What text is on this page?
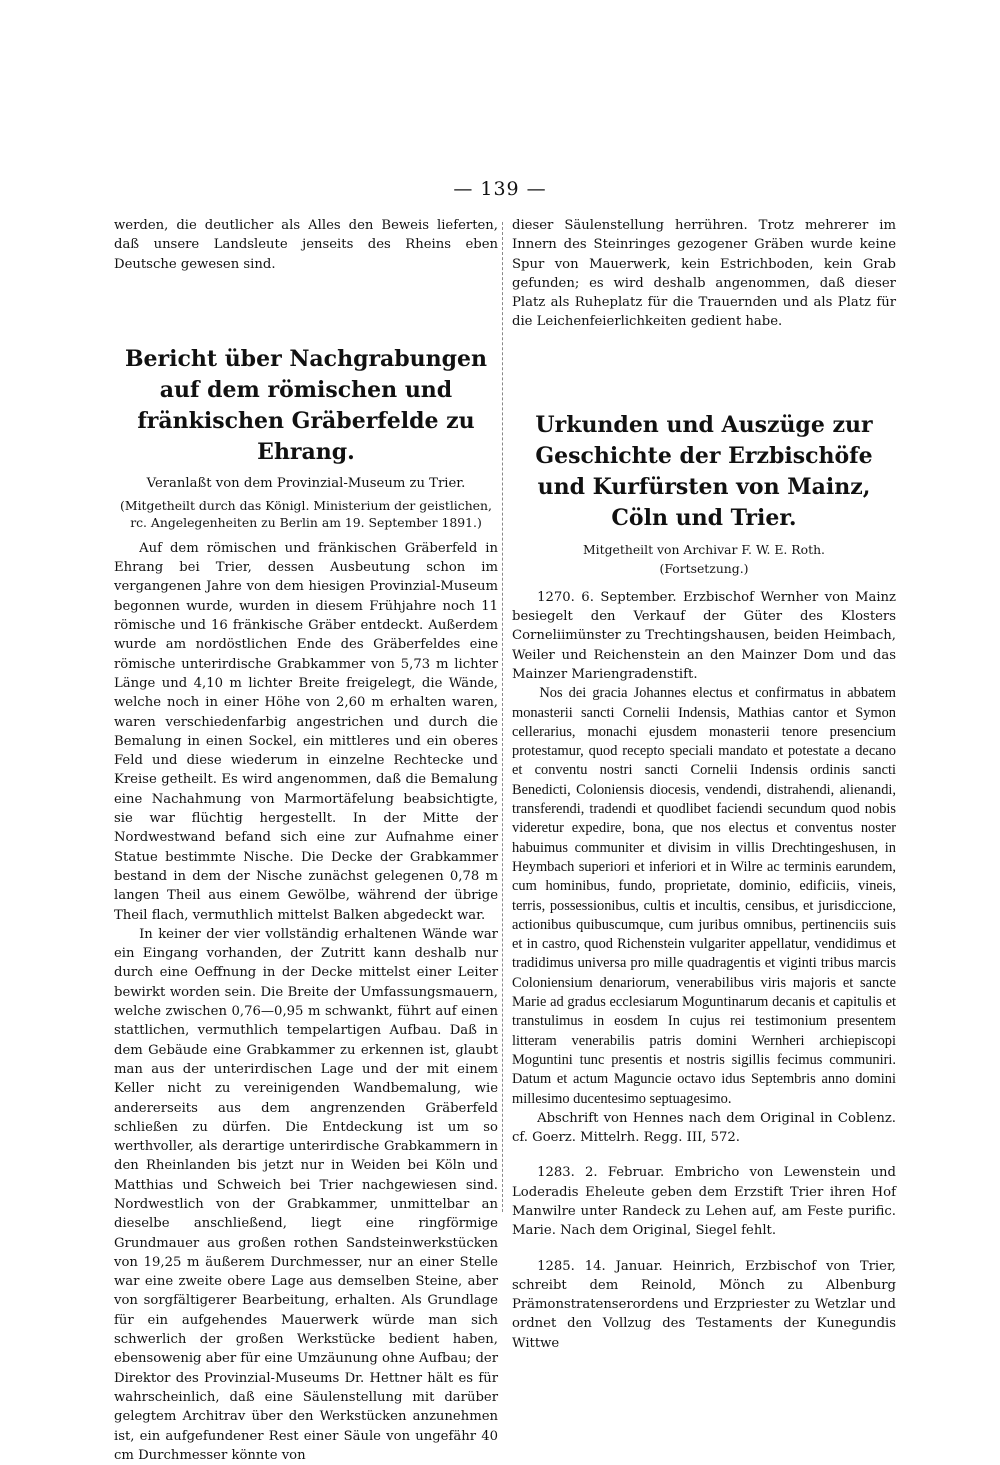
— 139 —

werden, die deutlicher als Alles den Beweis lieferten, daß unsere Landsleute jenseits des Rheins eben Deutsche gewesen sind.

Bericht über Nachgrabungen auf dem römischen und fränkischen Gräberfelde zu Ehrang.

Veranlaßt von dem Provinzial-Museum zu Trier.

(Mitgetheilt durch das Königl. Ministerium der geistlichen, rc. Angelegenheiten zu Berlin am 19. September 1891.)

Auf dem römischen und fränkischen Gräberfeld in Ehrang bei Trier, dessen Ausbeutung schon im vergangenen Jahre von dem hiesigen Provinzial-Museum begonnen wurde, wurden in diesem Frühjahre noch 11 römische und 16 fränkische Gräber entdeckt. Außerdem wurde am nordöstlichen Ende des Gräberfeldes eine römische unterirdische Grabkammer von 5,73 m lichter Länge und 4,10 m lichter Breite freigelegt, die Wände, welche noch in einer Höhe von 2,60 m erhalten waren, waren verschiedenfarbig angestrichen und durch die Bemalung in einen Sockel, ein mittleres und ein oberes Feld und diese wiederum in einzelne Rechtecke und Kreise getheilt. Es wird angenommen, daß die Bemalung eine Nachahmung von Marmortäfelung beabsichtigte, sie war flüchtig hergestellt. In der Mitte der Nordwestwand befand sich eine zur Aufnahme einer Statue bestimmte Nische. Die Decke der Grabkammer bestand in dem der Nische zunächst gelegenen 0,78 m langen Theil aus einem Gewölbe, während der übrige Theil flach, vermuthlich mittelst Balken abgedeckt war.

In keiner der vier vollständig erhaltenen Wände war ein Eingang vorhanden, der Zutritt kann deshalb nur durch eine Oeffnung in der Decke mittelst einer Leiter bewirkt worden sein. Die Breite der Umfassungsmauern, welche zwischen 0,76—0,95 m schwankt, führt auf einen stattlichen, vermuthlich tempelartigen Aufbau. Daß in dem Gebäude eine Grabkammer zu erkennen ist, glaubt man aus der unterirdischen Lage und der mit einem Keller nicht zu vereinigenden Wandbemalung, wie andererseits aus dem angrenzenden Gräberfeld schließen zu dürfen. Die Entdeckung ist um so werthvoller, als derartige unterirdische Grabkammern in den Rheinlanden bis jetzt nur in Weiden bei Köln und Matthias und Schweich bei Trier nachgewiesen sind. Nordwestlich von der Grabkammer, unmittelbar an dieselbe anschließend, liegt eine ringförmige Grundmauer aus großen rothen Sandsteinwerkstücken von 19,25 m äußerem Durchmesser, nur an einer Stelle war eine zweite obere Lage aus demselben Steine, aber von sorgfältigerer Bearbeitung, erhalten. Als Grundlage für ein aufgehendes Mauerwerk würde man sich schwerlich der großen Werkstücke bedient haben, ebensowenig aber für eine Umzäunung ohne Aufbau; der Direktor des Provinzial-Museums Dr. Hettner hält es für wahrscheinlich, daß eine Säulenstellung mit darüber gelegtem Architrav über den Werkstücken anzunehmen ist, ein aufgefundener Rest einer Säule von ungefähr 40 cm Durchmesser könnte von

dieser Säulenstellung herrühren. Trotz mehrerer im Innern des Steinringes gezogener Gräben wurde keine Spur von Mauerwerk, kein Estrichboden, kein Grab gefunden; es wird deshalb angenommen, daß dieser Platz als Ruheplatz für die Trauernden und als Platz für die Leichenfeierlichkeiten gedient habe.

Urkunden und Auszüge zur Geschichte der Erzbischöfe und Kurfürsten von Mainz, Cöln und Trier.

Mitgetheilt von Archivar F. W. E. Roth.

(Fortsetzung.)

1270. 6. September. Erzbischof Wernher von Mainz besiegelt den Verkauf der Güter des Klosters Corneliimünster zu Trechtingshausen, beiden Heimbach, Weiler und Reichenstein an den Mainzer Dom und das Mainzer Mariengradenstift.

Nos dei gracia Johannes electus et confirmatus in abbatem monasterii sancti Cornelii Indensis, Mathias cantor et Symon cellerarius, monachi ejusdem monasterii tenore presencium protestamur, quod recepto speciali mandato et potestate a decano et conventu nostri sancti Cornelii Indensis ordinis sancti Benedicti, Coloniensis diocesis, vendendi, distrahendi, alienandi, transferendi, tradendi et quodlibet faciendi secundum quod nobis videretur expedire, bona, que nos electus et conventus noster habuimus communiter et divisim in villis Drechtingeshusen, in Heymbach superiori et inferiori et in Wilre ac terminis earundem, cum hominibus, fundo, proprietate, dominio, edificiis, vineis, terris, possessionibus, cultis et incultis, censibus, et jurisdiccione, actionibus quibuscumque, cum juribus omnibus, pertinenciis suis et in castro, quod Richenstein vulgariter appellatur, vendidimus et tradidimus universa pro mille quadragentis et viginti tribus marcis Coloniensium denariorum, venerabilibus viris majoris et sancte Marie ad gradus ecclesiarum Moguntinarum decanis et capitulis et transtulimus in eosdem In cujus rei testimonium presentem litteram venerabilis patris domini Wernheri archiepiscopi Moguntini tunc presentis et nostris sigillis fecimus communiri. Datum et actum Maguncie octavo idus Septembris anno domini millesimo ducentesimo septuagesimo.

Abschrift von Hennes nach dem Original in Coblenz. cf. Goerz. Mittelrh. Regg. III, 572.

1283. 2. Februar. Embricho von Lewenstein und Loderadis Eheleute geben dem Erzstift Trier ihren Hof Manwilre unter Randeck zu Lehen auf, am Feste purific. Marie. Nach dem Original, Siegel fehlt.

1285. 14. Januar. Heinrich, Erzbischof von Trier, schreibt dem Reinold, Mönch zu Albenburg Prämonstratenserordens und Erzpriester zu Wetzlar und ordnet den Vollzug des Testaments der Kunegundis Wittwe
